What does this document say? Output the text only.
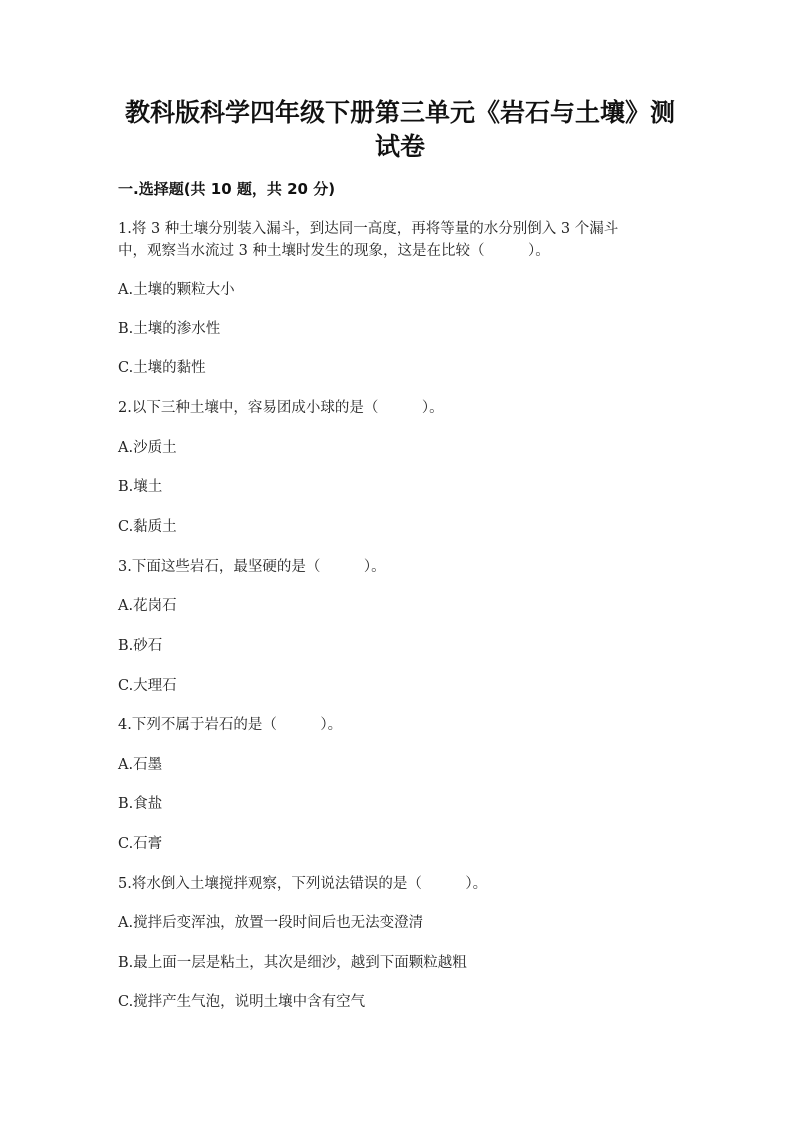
教科版科学四年级下册第三单元《岩石与土壤》测
试卷
一.选择题(共 10 题，共 20 分)
1.将 3 种土壤分别装入漏斗，到达同一高度，再将等量的水分别倒入 3 个漏斗
中，观察当水流过 3 种土壤时发生的现象，这是在比较（　　　）。
A.土壤的颗粒大小
B.土壤的渗水性
C.土壤的黏性
2.以下三种土壤中，容易团成小球的是（　　　）。
A.沙质土
B.壤土
C.黏质土
3.下面这些岩石，最坚硬的是（　　　）。
A.花岗石
B.砂石
C.大理石
4.下列不属于岩石的是（　　　）。
A.石墨
B.食盐
C.石膏
5.将水倒入土壤搅拌观察，下列说法错误的是（　　　）。
A.搅拌后变浑浊，放置一段时间后也无法变澄清
B.最上面一层是粘土，其次是细沙，越到下面颗粒越粗
C.搅拌产生气泡，说明土壤中含有空气
